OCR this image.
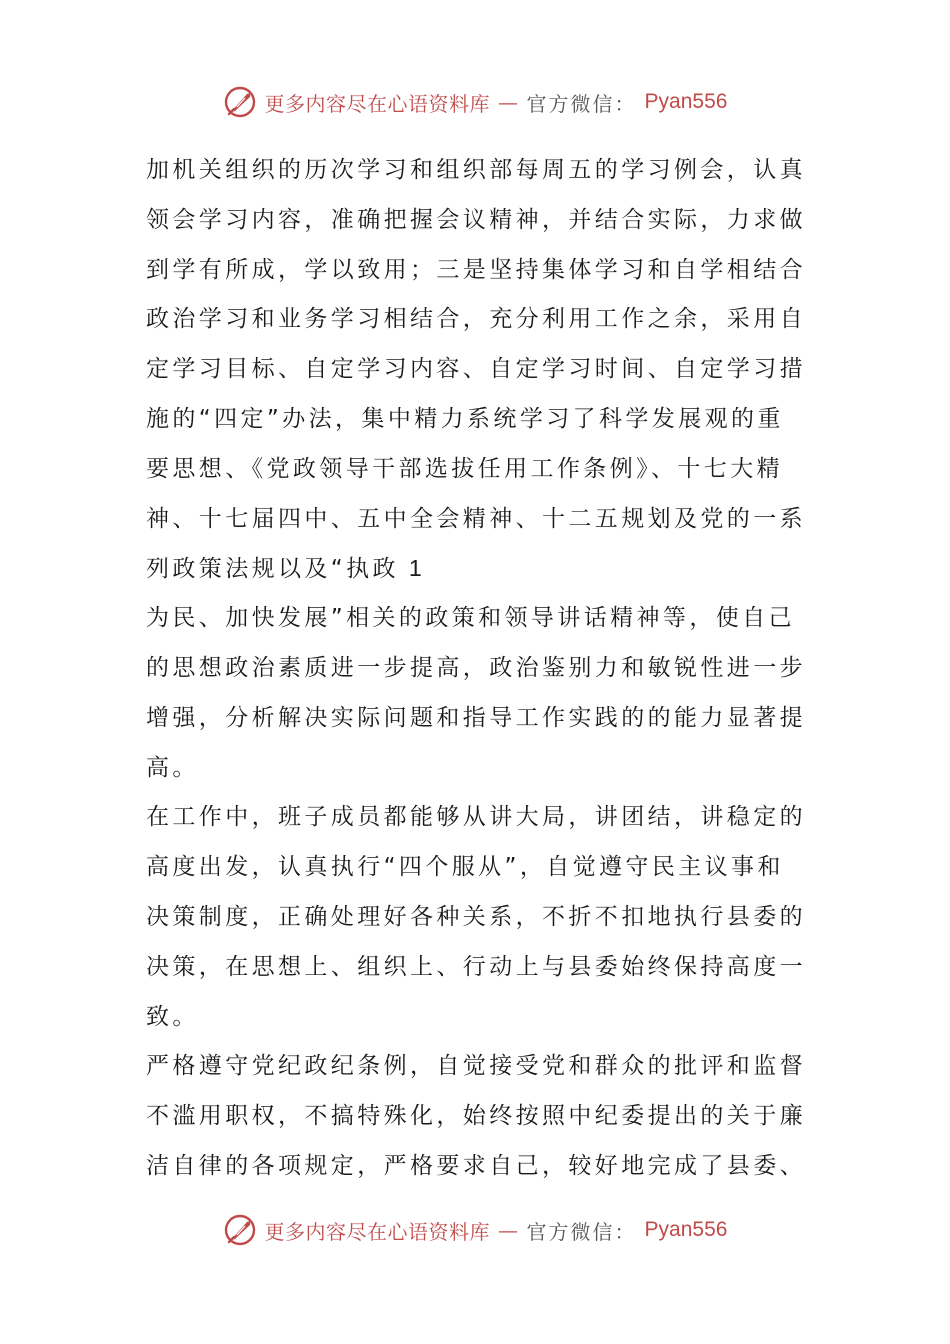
更多内容尽在心语资料库 — 官方微信： Pyan556
加机关组织的历次学习和组织部每周五的学习例会，认真
领会学习内容，准确把握会议精神，并结合实际，力求做
到学有所成，学以致用；三是坚持集体学习和自学相结合
政治学习和业务学习相结合，充分利用工作之余，采用自
定学习目标、自定学习内容、自定学习时间、自定学习措
施的“四定”办法，集中精力系统学习了科学发展观的重
要思想、《党政领导干部选拔任用工作条例》、十七大精
神、十七届四中、五中全会精神、十二五规划及党的一系
列政策法规以及“执政 1
为民、加快发展”相关的政策和领导讲话精神等，使自己
的思想政治素质进一步提高，政治鉴别力和敏锐性进一步
增强，分析解决实际问题和指导工作实践的的能力显著提
高。
在工作中，班子成员都能够从讲大局，讲团结，讲稳定的
高度出发，认真执行“四个服从”，自觉遵守民主议事和
决策制度，正确处理好各种关系，不折不扣地执行县委的
决策，在思想上、组织上、行动上与县委始终保持高度一
致。
严格遵守党纪政纪条例，自觉接受党和群众的批评和监督
不滥用职权，不搞特殊化，始终按照中纪委提出的关于廉
洁自律的各项规定，严格要求自己，较好地完成了县委、
更多内容尽在心语资料库 — 官方微信： Pyan556
